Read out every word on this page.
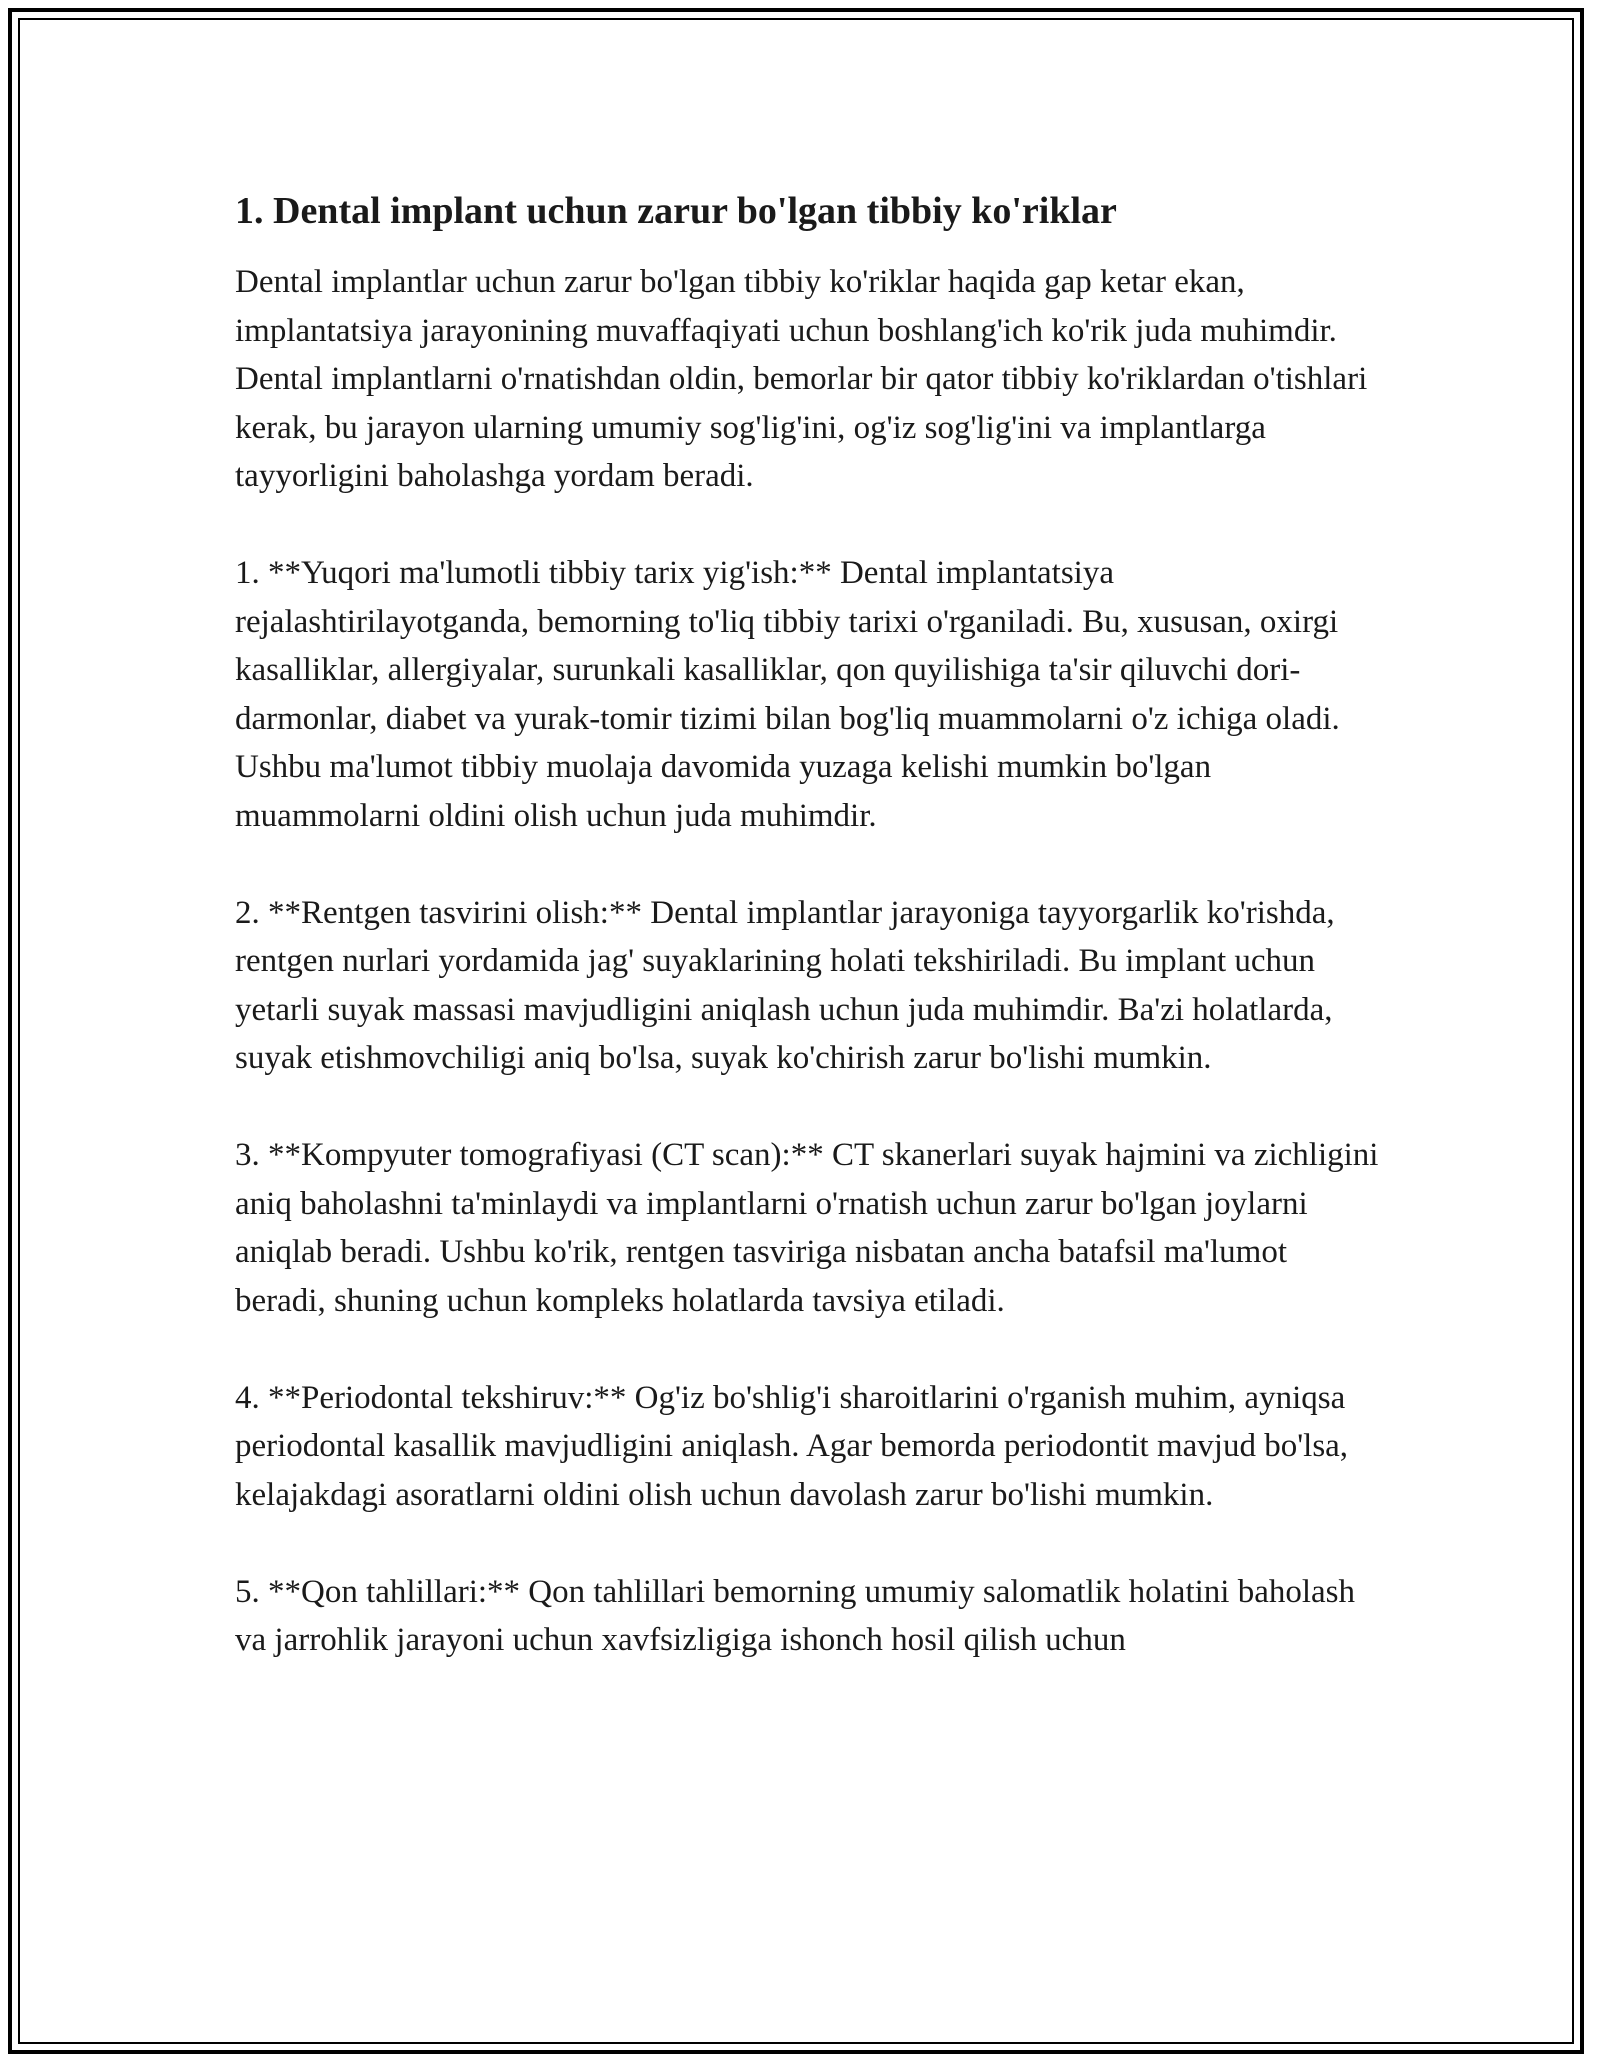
1. Dental implant uchun zarur bo'lgan tibbiy ko'riklar

Dental implantlar uchun zarur bo'lgan tibbiy ko'riklar haqida gap ketar ekan, implantatsiya jarayonining muvaffaqiyati uchun boshlang'ich ko'rik juda muhimdir. Dental implantlarni o'rnatishdan oldin, bemorlar bir qator tibbiy ko'riklardan o'tishlari kerak, bu jarayon ularning umumiy sog'lig'ini, og'iz sog'lig'ini va implantlarga tayyorligini baholashga yordam beradi.

1. **Yuqori ma'lumotli tibbiy tarix yig'ish:** Dental implantatsiya rejalashtirilayotganda, bemorning to'liq tibbiy tarixi o'rganiladi. Bu, xususan, oxirgi kasalliklar, allergiyalar, surunkali kasalliklar, qon quyilishiga ta'sir qiluvchi dori-darmonlar, diabet va yurak-tomir tizimi bilan bog'liq muammolarni o'z ichiga oladi. Ushbu ma'lumot tibbiy muolaja davomida yuzaga kelishi mumkin bo'lgan muammolarni oldini olish uchun juda muhimdir.

2. **Rentgen tasvirini olish:** Dental implantlar jarayoniga tayyorgarlik ko'rishda, rentgen nurlari yordamida jag' suyaklarining holati tekshiriladi. Bu implant uchun yetarli suyak massasi mavjudligini aniqlash uchun juda muhimdir. Ba'zi holatlarda, suyak etishmovchiligi aniq bo'lsa, suyak ko'chirish zarur bo'lishi mumkin.

3. **Kompyuter tomografiyasi (CT scan):** CT skanerlari suyak hajmini va zichligini aniq baholashni ta'minlaydi va implantlarni o'rnatish uchun zarur bo'lgan joylarni aniqlab beradi. Ushbu ko'rik, rentgen tasviriga nisbatan ancha batafsil ma'lumot beradi, shuning uchun kompleks holatlarda tavsiya etiladi.

4. **Periodontal tekshiruv:** Og'iz bo'shlig'i sharoitlarini o'rganish muhim, ayniqsa periodontal kasallik mavjudligini aniqlash. Agar bemorda periodontit mavjud bo'lsa, kelajakdagi asoratlarni oldini olish uchun davolash zarur bo'lishi mumkin.

5. **Qon tahlillari:** Qon tahlillari bemorning umumiy salomatlik holatini baholash va jarrohlik jarayoni uchun xavfsizligiga ishonch hosil qilish uchun
